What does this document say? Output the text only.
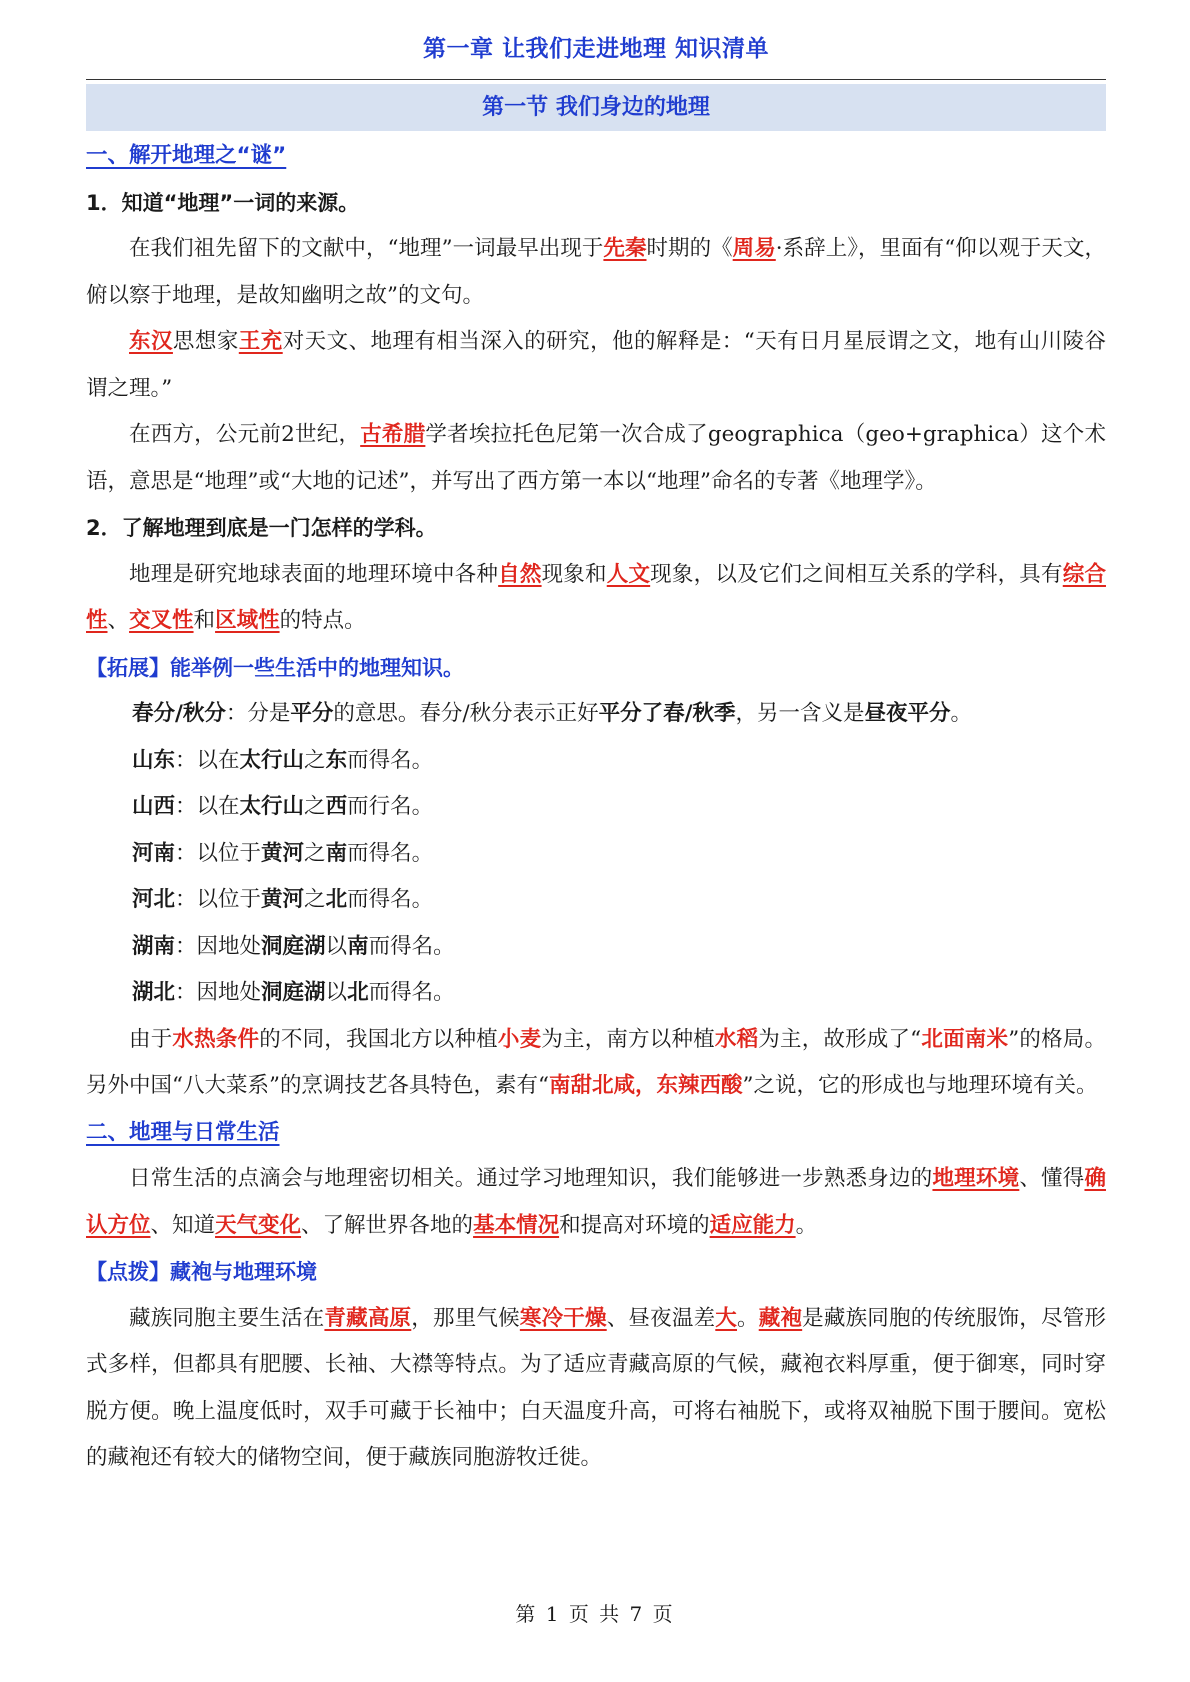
第一章 让我们走进地理 知识清单
第一节 我们身边的地理

一、解开地理之“谜”

1．知道“地理”一词的来源。

在我们祖先留下的文献中，“地理”一词最早出现于先秦时期的《周易·系辞上》，里面有“仰以观于天文，俯以察于地理，是故知幽明之故”的文句。

东汉思想家王充对天文、地理有相当深入的研究，他的解释是：“天有日月星辰谓之文，地有山川陵谷谓之理。”

在西方，公元前2世纪，古希腊学者埃拉托色尼第一次合成了geographica（geo+graphica）这个术语，意思是“地理”或“大地的记述”，并写出了西方第一本以“地理”命名的专著《地理学》。

2．了解地理到底是一门怎样的学科。

地理是研究地球表面的地理环境中各种自然现象和人文现象，以及它们之间相互关系的学科，具有综合性、交叉性和区域性的特点。

【拓展】能举例一些生活中的地理知识。

春分/秋分：分是平分的意思。春分/秋分表示正好平分了春/秋季，另一含义是昼夜平分。

山东：以在太行山之东而得名。

山西：以在太行山之西而行名。

河南：以位于黄河之南而得名。

河北：以位于黄河之北而得名。

湖南：因地处洞庭湖以南而得名。

湖北：因地处洞庭湖以北而得名。

由于水热条件的不同，我国北方以种植小麦为主，南方以种植水稻为主，故形成了“北面南米”的格局。另外中国“八大菜系”的烹调技艺各具特色，素有“南甜北咸，东辣西酸”之说，它的形成也与地理环境有关。

二、地理与日常生活

日常生活的点滴会与地理密切相关。通过学习地理知识，我们能够进一步熟悉身边的地理环境、懂得确认方位、知道天气变化、了解世界各地的基本情况和提高对环境的适应能力。

【点拨】藏袍与地理环境

藏族同胞主要生活在青藏高原，那里气候寒冷干燥、昼夜温差大。藏袍是藏族同胞的传统服饰，尽管形式多样，但都具有肥腰、长袖、大襟等特点。为了适应青藏高原的气候，藏袍衣料厚重，便于御寒，同时穿脱方便。晚上温度低时，双手可藏于长袖中；白天温度升高，可将右袖脱下，或将双袖脱下围于腰间。宽松的藏袍还有较大的储物空间，便于藏族同胞游牧迁徙。

第 1 页 共 7 页
